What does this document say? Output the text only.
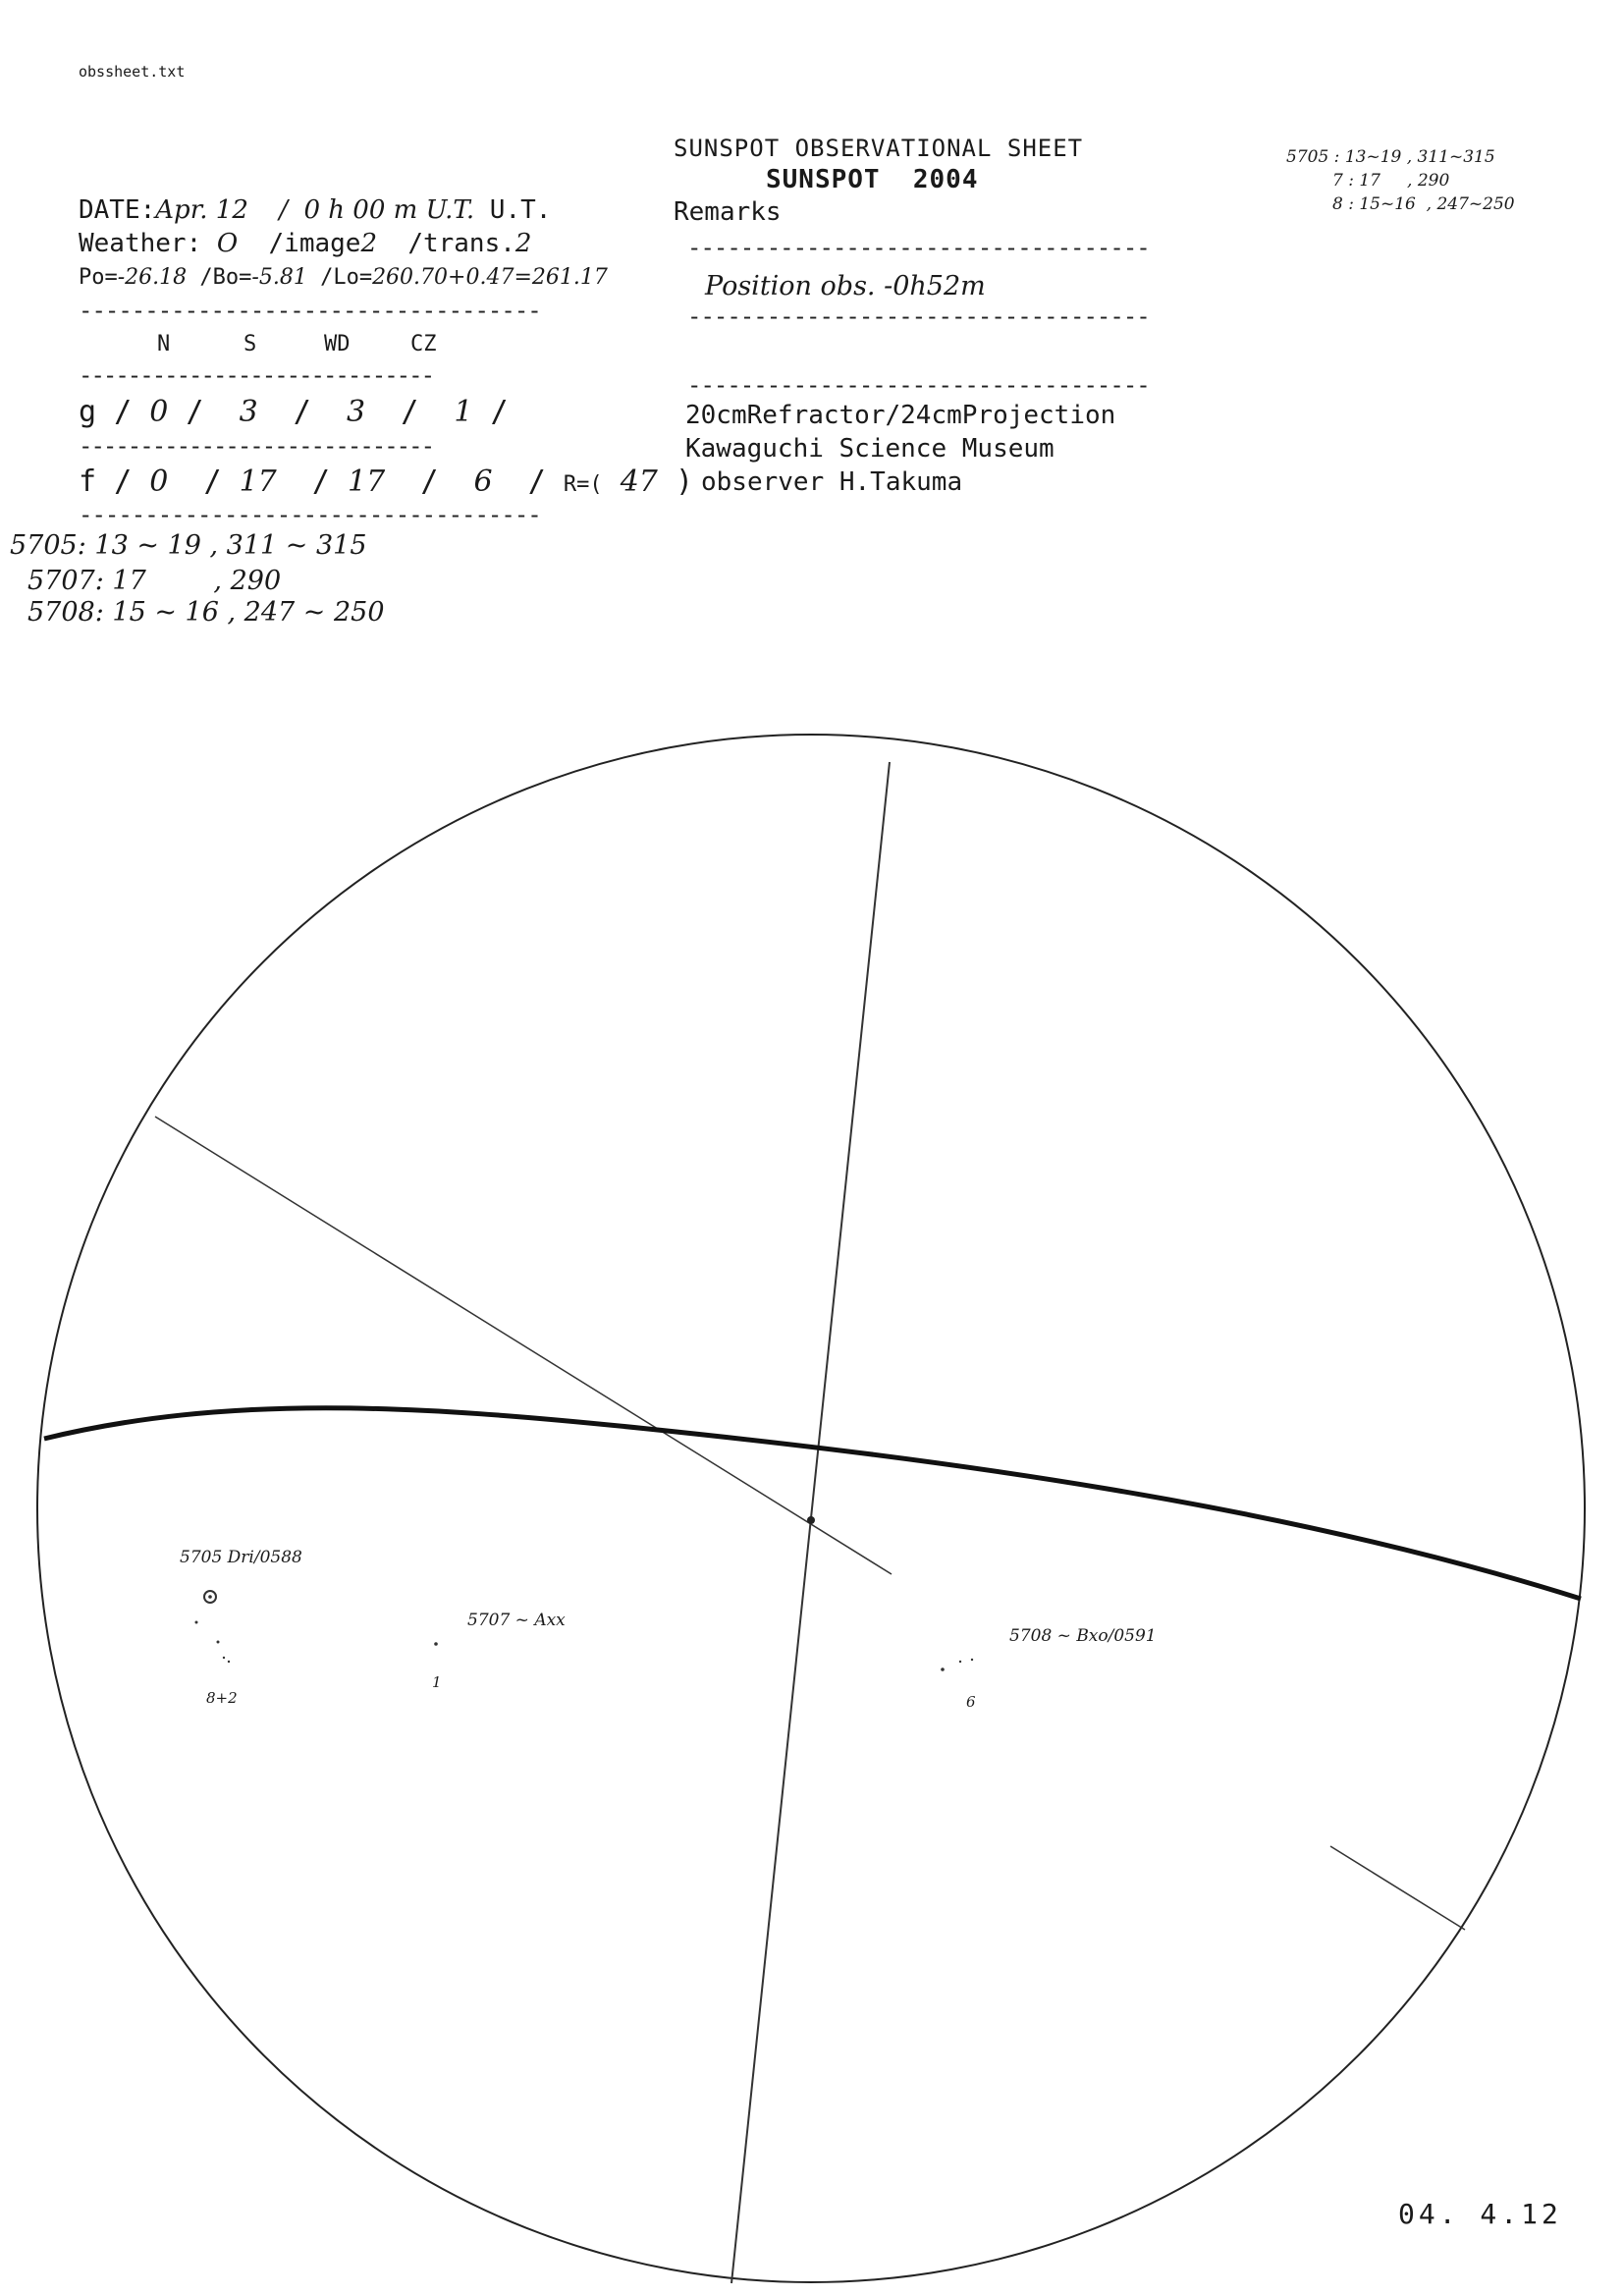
obssheet.txt
SUNSPOT OBSERVATIONAL SHEET
SUNSPOT  2004
Remarks
-----------------------------------
Position obs. -0h52m
-----------------------------------
-----------------------------------
20cmRefractor/24cmProjection
Kawaguchi Science Museum
observer H.Takuma
5705 : 13~19 , 311~315
7 : 17     , 290
8 : 15~16  , 247~250
DATE:Apr. 12 /  0 h 00 m U.T. U.T.
Weather: O /image2 /trans.2
Po=-26.18 /Bo=-5.81 /Lo=260.70+0.47=261.17
-----------------------------------
N	S	WD	CZ
-----------------------------
g / 0 /  3  /  3  /  1 /
-----------------------------
f / 0  / 17  / 17  /  6  / R=( 47 )
-----------------------------------
5705: 13 ~ 19 , 311 ~ 315
5707: 17        , 290
5708: 15 ~ 16 , 247 ~ 250
5705 Dri/0588
8+2
5707 ~ Axx
1
5708 ~ Bxo/0591
6
04. 4.12
